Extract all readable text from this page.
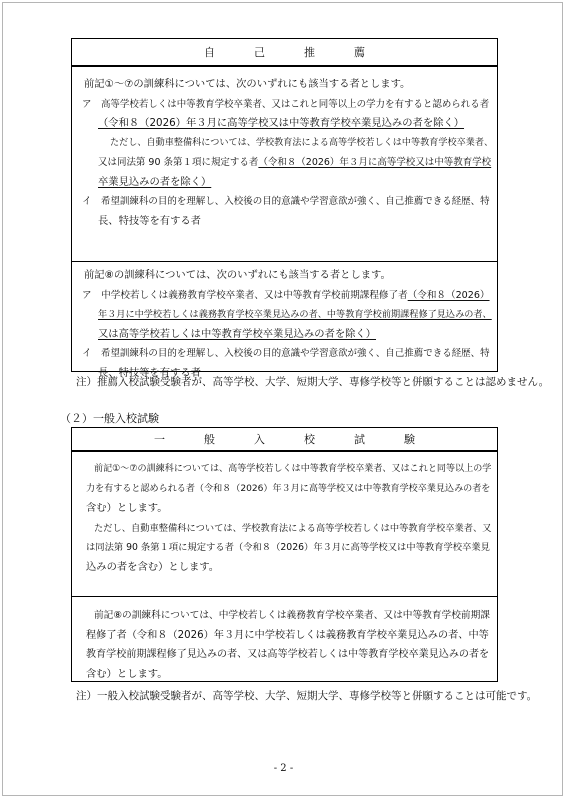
自　己　推　薦

前記①～⑦の訓練科については、次のいずれにも該当する者とします。

ア　高等学校若しくは中等教育学校卒業者、又はこれと同等以上の学力を有すると認められる者

（令和８（2026）年３月に高等学校又は中等教育学校卒業見込みの者を除く）

ただし、自動車整備科については、学校教育法による高等学校若しくは中等教育学校卒業者、

又は同法第 90 条第１項に規定する者（令和８（2026）年３月に高等学校又は中等教育学校

卒業見込みの者を除く）

イ　希望訓練科の目的を理解し、入校後の目的意識や学習意欲が強く、自己推薦できる経歴、特

長、特技等を有する者

前記⑧の訓練科については、次のいずれにも該当する者とします。

ア　中学校若しくは義務教育学校卒業者、又は中等教育学校前期課程修了者（令和８（2026）

年３月に中学校若しくは義務教育学校卒業見込みの者、中等教育学校前期課程修了見込みの者、

又は高等学校若しくは中等教育学校卒業見込みの者を除く）

イ　希望訓練科の目的を理解し、入校後の目的意識や学習意欲が強く、自己推薦できる経歴、特

長、特技等を有する者

注）推薦入校試験受験者が、高等学校、大学、短期大学、専修学校等と併願することは認めません。
（２）一般入校試験
一　般　入　校　試　験

前記①～⑦の訓練科については、高等学校若しくは中等教育学校卒業者、又はこれと同等以上の学

力を有すると認められる者（令和８（2026）年３月に高等学校又は中等教育学校卒業見込みの者を

含む）とします。

ただし、自動車整備科については、学校教育法による高等学校若しくは中等教育学校卒業者、又

は同法第 90 条第１項に規定する者（令和８（2026）年３月に高等学校又は中等教育学校卒業見

込みの者を含む）とします。

前記⑧の訓練科については、中学校若しくは義務教育学校卒業者、又は中等教育学校前期課

程修了者（令和８（2026）年３月に中学校若しくは義務教育学校卒業見込みの者、中等

教育学校前期課程修了見込みの者、又は高等学校若しくは中等教育学校卒業見込みの者を

含む）とします。

注）一般入校試験受験者が、高等学校、大学、短期大学、専修学校等と併願することは可能です。
- 2 -
